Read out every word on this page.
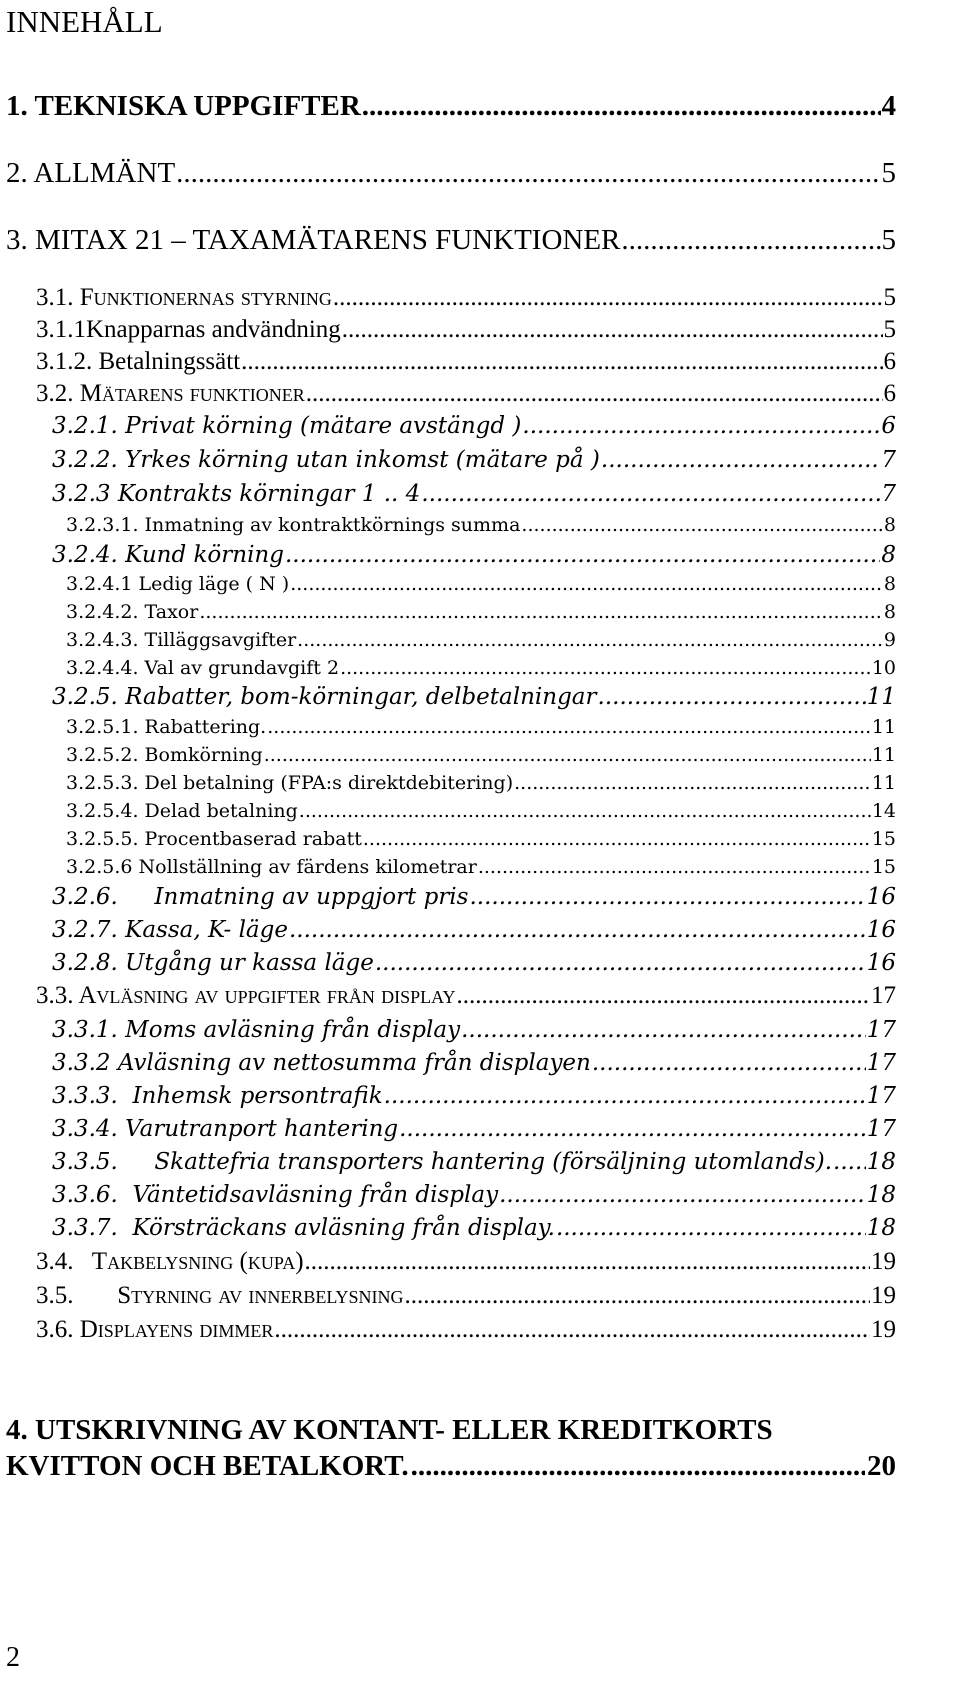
INNEHÅLL
1. TEKNISKA UPPGIFTER .....	4
2. ALLMÄNT .....	5
3. MITAX 21 – TAXAMÄTARENS FUNKTIONER .....	5
3.1. Funktionernas styrning .....	5
3.1.1Knapparnas andvändning .....	5
3.1.2. Betalningssätt .....	6
3.2. Mätarens funktioner .....	6
3.2.1. Privat körning (mätare avstängd ) .....	6
3.2.2. Yrkes körning utan inkomst (mätare på ) .....	7
3.2.3 Kontrakts körningar 1 .. 4 .....	7
3.2.3.1. Inmatning av kontraktkörnings summa .....	8
3.2.4. Kund körning .....	8
3.2.4.1 Ledig läge ( N ) .....	8
3.2.4.2. Taxor .....	8
3.2.4.3. Tilläggsavgifter .....	9
3.2.4.4. Val av grundavgift 2 .....	10
3.2.5. Rabatter, bom-körningar, delbetalningar .....	11
3.2.5.1. Rabattering. .....	11
3.2.5.2. Bomkörning .....	11
3.2.5.3. Del betalning (FPA:s direktdebitering) .....	11
3.2.5.4. Delad betalning .....	14
3.2.5.5. Procentbaserad rabatt .....	15
3.2.5.6 Nollställning av färdens kilometrar .....	15
3.2.6.     Inmatning av uppgjort pris .....	16
3.2.7. Kassa, K- läge .....	16
3.2.8. Utgång ur kassa läge .....	16
3.3. Avläsning av uppgifter från display .....	17
3.3.1. Moms avläsning från display .....	17
3.3.2 Avläsning av nettosumma från displayen .....	17
3.3.3.  Inhemsk persontrafik .....	17
3.3.4. Varutranport hantering .....	17
3.3.5.     Skattefria transporters hantering (försäljning utomlands). ..... 18
3.3.6.  Väntetidsavläsning från display .....	18
3.3.7.  Körsträckans avläsning från display. .....	18
3.4.   Takbelysning (kupa) .....	19
3.5.       Styrning av innerbelysning .....	19
3.6. Displayens dimmer .....	19
4. UTSKRIVNING AV KONTANT- ELLER KREDITKORTS
KVITTON OCH BETALKORT. .....	20
2
